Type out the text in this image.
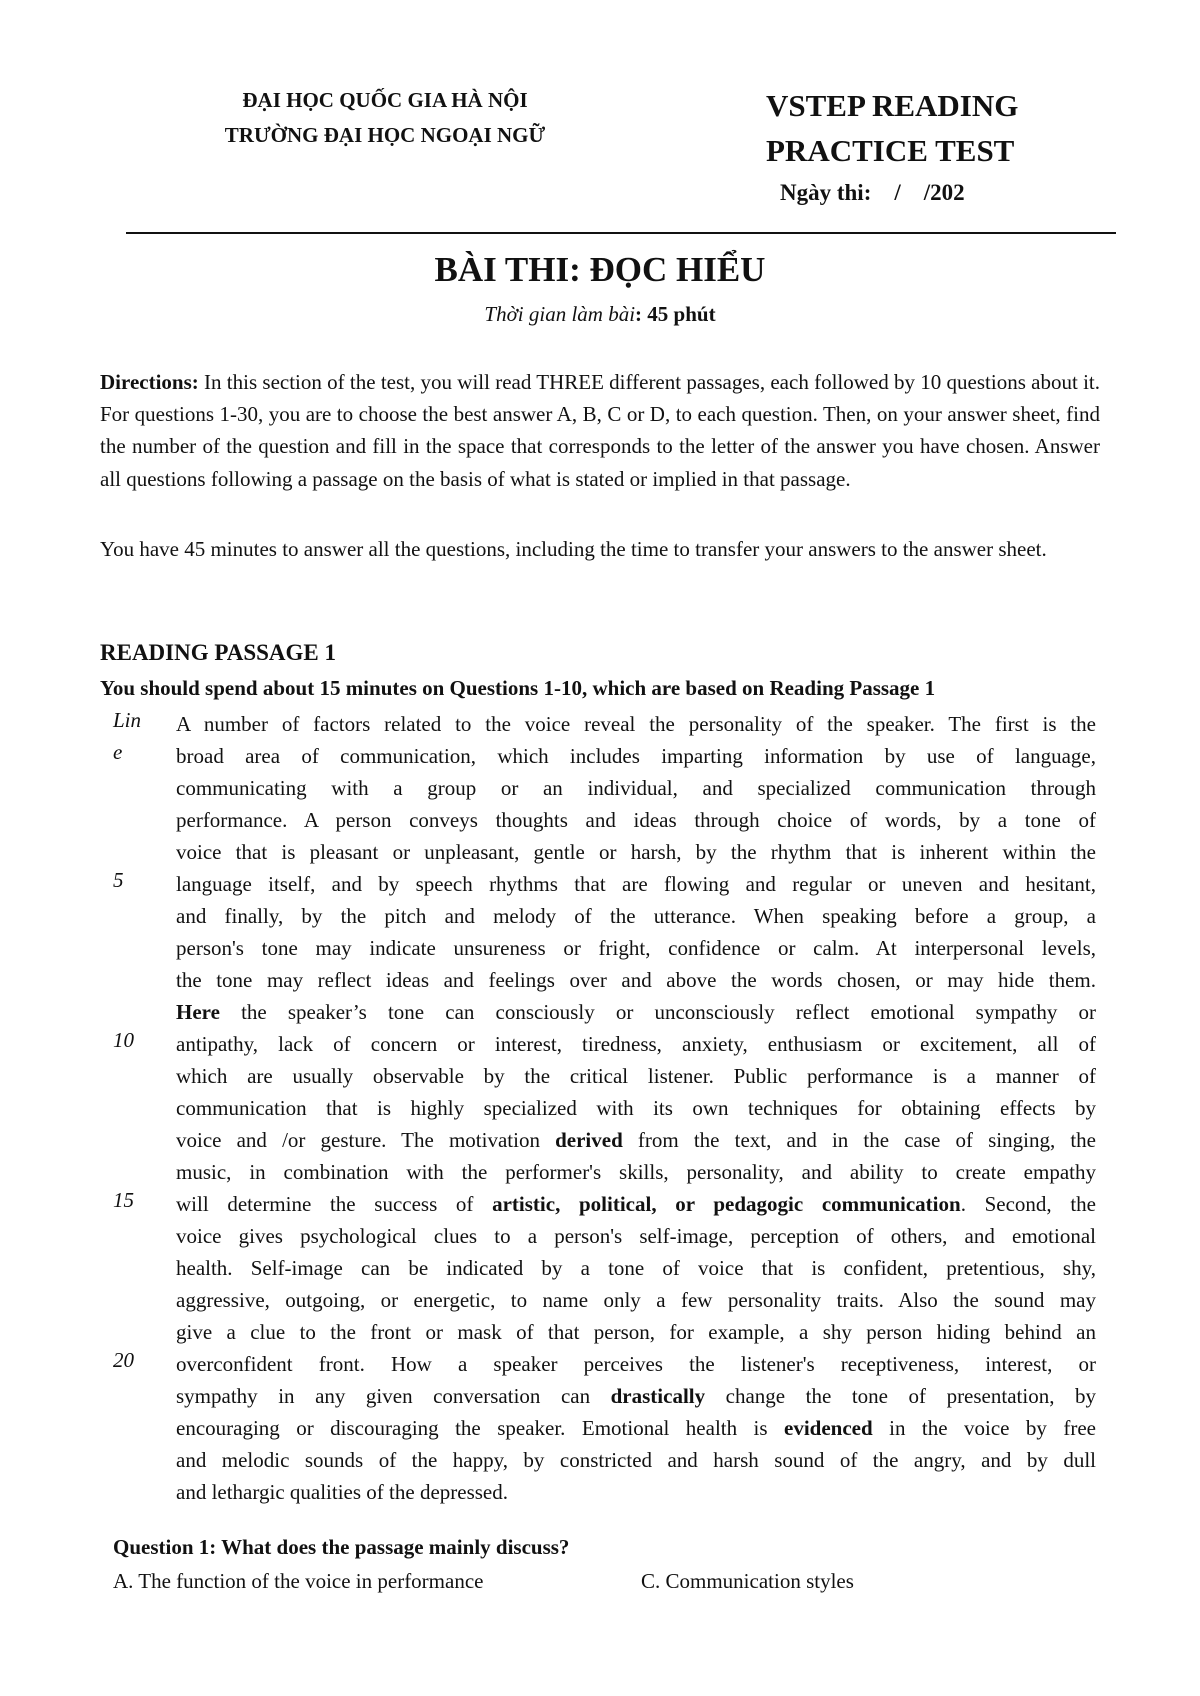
ĐẠI HỌC QUỐC GIA HÀ NỘI
TRƯỜNG ĐẠI HỌC NGOẠI NGỮ
VSTEP READING
PRACTICE TEST
Ngày thi:    /    /202
BÀI THI: ĐỌC HIỂU
Thời gian làm bài: 45 phút
Directions: In this section of the test, you will read THREE different passages, each followed by 10 questions about it. For questions 1-30, you are to choose the best answer A, B, C or D, to each question. Then, on your answer sheet, find the number of the question and fill in the space that corresponds to the letter of the answer you have chosen. Answer all questions following a passage on the basis of what is stated or implied in that passage.
You have 45 minutes to answer all the questions, including the time to transfer your answers to the answer sheet.
READING PASSAGE 1
You should spend about 15 minutes on Questions 1-10, which are based on Reading Passage 1
Lin
e
5
10
15
20
A number of factors related to the voice reveal the personality of the speaker. The first is the
broad area of communication, which includes imparting information by use of language,
communicating with a group or an individual, and specialized communication through
performance. A person conveys thoughts and ideas through choice of words, by a tone of
voice that is pleasant or unpleasant, gentle or harsh, by the rhythm that is inherent within the
language itself, and by speech rhythms that are flowing and regular or uneven and hesitant,
and finally, by the pitch and melody of the utterance. When speaking before a group, a
person's tone may indicate unsureness or fright, confidence or calm. At interpersonal levels,
the tone may reflect ideas and feelings over and above the words chosen, or may hide them.
Here the speaker’s tone can consciously or unconsciously reflect emotional sympathy or
antipathy, lack of concern or interest, tiredness, anxiety, enthusiasm or excitement, all of
which are usually observable by the critical listener. Public performance is a manner of
communication that is highly specialized with its own techniques for obtaining effects by
voice and /or gesture. The motivation derived from the text, and in the case of singing, the
music, in combination with the performer's skills, personality, and ability to create empathy
will determine the success of artistic, political, or pedagogic communication. Second, the
voice gives psychological clues to a person's self-image, perception of others, and emotional
health. Self-image can be indicated by a tone of voice that is confident, pretentious, shy,
aggressive, outgoing, or energetic, to name only a few personality traits. Also the sound may
give a clue to the front or mask of that person, for example, a shy person hiding behind an
overconfident front. How a speaker perceives the listener's receptiveness, interest, or
sympathy in any given conversation can drastically change the tone of presentation, by
encouraging or discouraging the speaker. Emotional health is evidenced in the voice by free
and melodic sounds of the happy, by constricted and harsh sound of the angry, and by dull
and lethargic qualities of the depressed.
Question 1: What does the passage mainly discuss?
A. The function of the voice in performance	C. Communication styles
